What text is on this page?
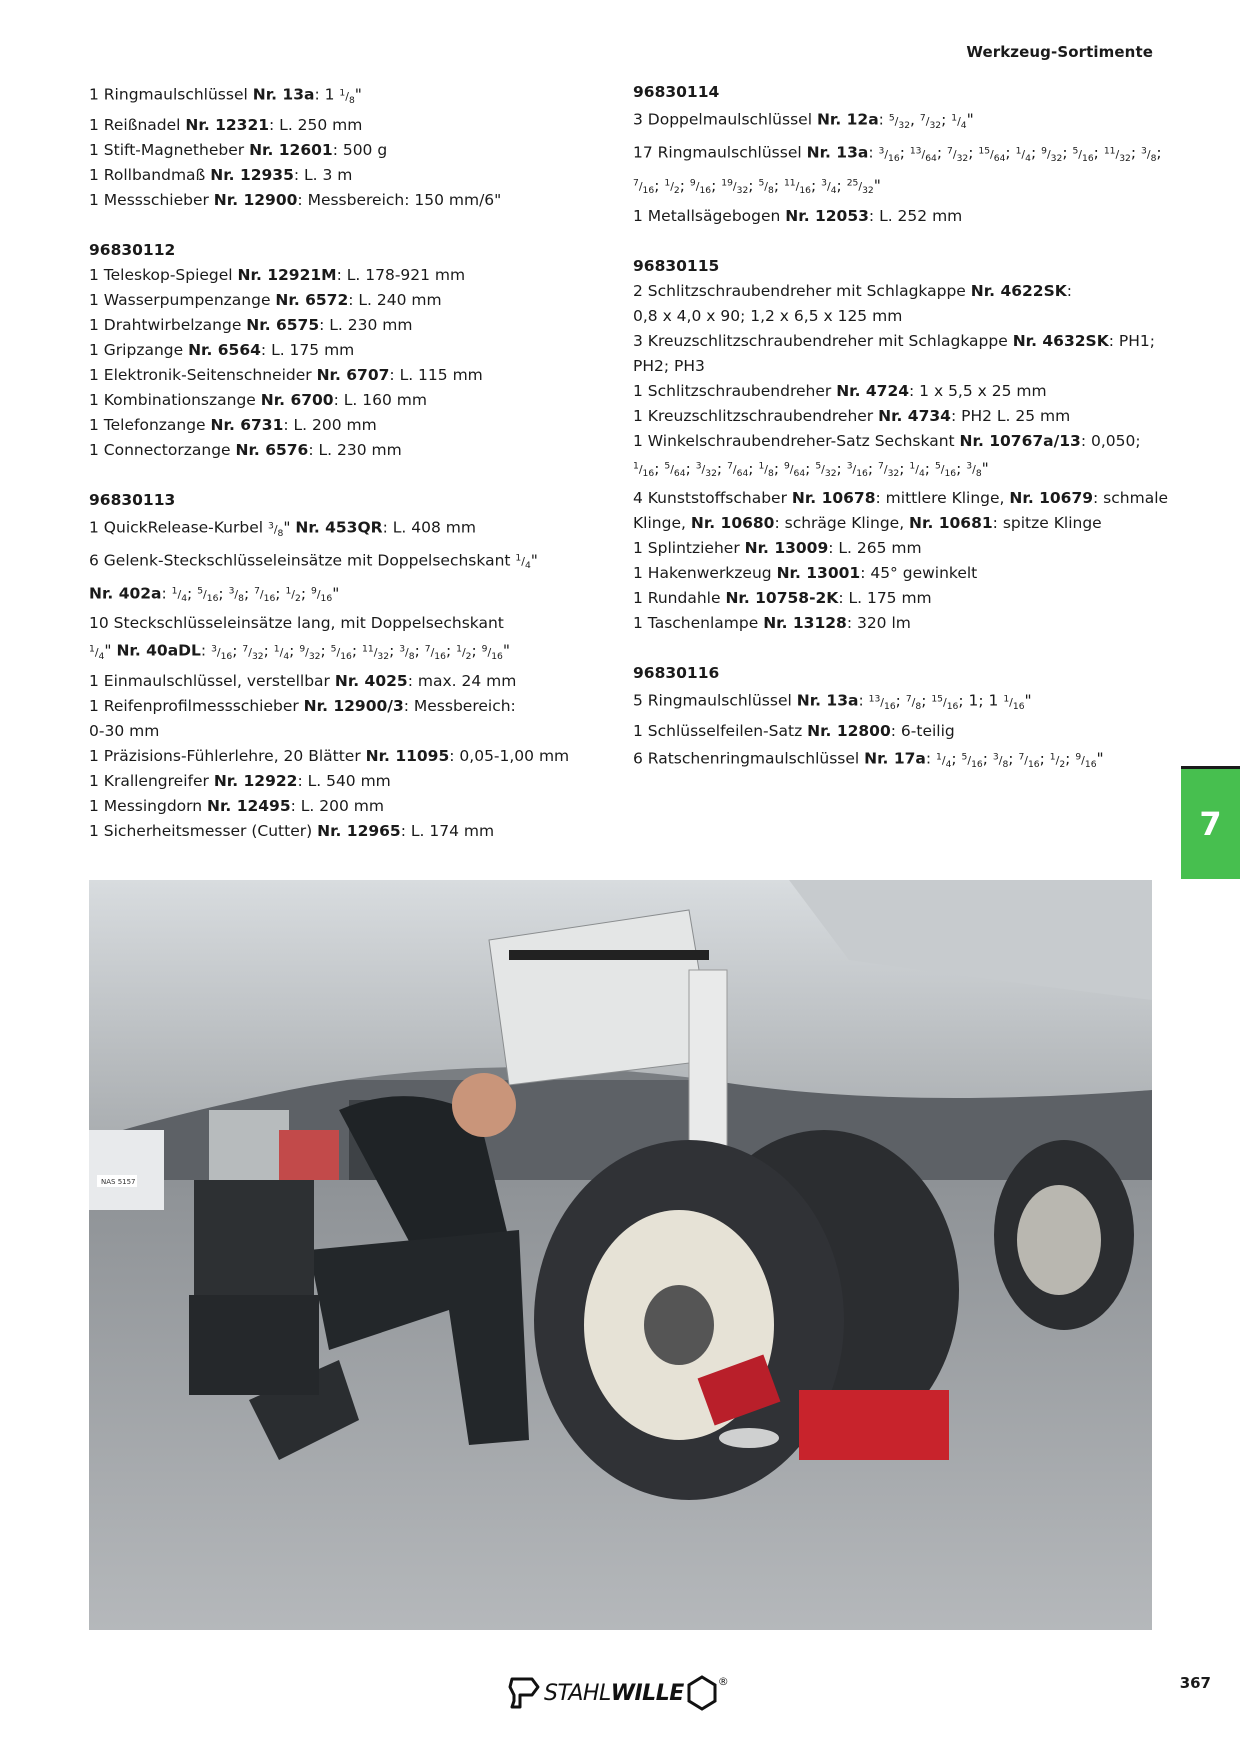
Werkzeug-Sortimente
1 Ringmaulschlüssel Nr. 13a: 1 $^1/_8$"
1 Reißnadel Nr. 12321: L. 250 mm
1 Stift-Magnetheber Nr. 12601: 500 g
1 Rollbandmaß Nr. 12935: L. 3 m
1 Messschieber Nr. 12900: Messbereich: 150 mm/6"
96830112
1 Teleskop-Spiegel Nr. 12921M: L. 178-921 mm
1 Wasserpumpenzange Nr. 6572: L. 240 mm
1 Drahtwirbelzange Nr. 6575: L. 230 mm
1 Gripzange Nr. 6564: L. 175 mm
1 Elektronik-Seitenschneider Nr. 6707: L. 115 mm
1 Kombinationszange Nr. 6700: L. 160 mm
1 Telefonzange Nr. 6731: L. 200 mm
1 Connectorzange Nr. 6576: L. 230 mm
96830113
1 QuickRelease-Kurbel $^3/_8$" Nr. 453QR: L. 408 mm
6 Gelenk-Steckschlüsseleinsätze mit Doppelsechskant $^1/_4$"
Nr. 402a: $^1/_4$; $^5/_{16}$; $^3/_8$; $^7/_{16}$; $^1/_2$; $^9/_{16}$"
10 Steckschlüsseleinsätze lang, mit Doppelsechskant
$^1/_4$" Nr. 40aDL: $^3/_{16}$; $^7/_{32}$; $^1/_4$; $^9/_{32}$; $^5/_{16}$; $^{11}/_{32}$; $^3/_8$; $^7/_{16}$; $^1/_2$; $^9/_{16}$"
1 Einmaulschlüssel, verstellbar Nr. 4025: max. 24 mm
1 Reifenprofilmessschieber Nr. 12900/3: Messbereich:
0-30 mm
1 Präzisions-Fühlerlehre, 20 Blätter Nr. 11095: 0,05-1,00 mm
1 Krallengreifer Nr. 12922: L. 540 mm
1 Messingdorn Nr. 12495: L. 200 mm
1 Sicherheitsmesser (Cutter) Nr. 12965: L. 174 mm
96830114
3 Doppelmaulschlüssel Nr. 12a: $^5/_{32}$, $^7/_{32}$; $^1/_4$"
17 Ringmaulschlüssel Nr. 13a: $^3/_{16}$; $^{13}/_{64}$; $^7/_{32}$; $^{15}/_{64}$; $^1/_4$; $^9/_{32}$; $^5/_{16}$; $^{11}/_{32}$; $^3/_8$;
$^7/_{16}$; $^1/_2$; $^9/_{16}$; $^{19}/_{32}$; $^5/_8$; $^{11}/_{16}$; $^3/_4$; $^{25}/_{32}$"
1 Metallsägebogen Nr. 12053: L. 252 mm
96830115
2 Schlitzschraubendreher mit Schlagkappe Nr. 4622SK:
0,8 x 4,0 x 90; 1,2 x 6,5 x 125 mm
3 Kreuzschlitzschraubendreher mit Schlagkappe Nr. 4632SK: PH1;
PH2; PH3
1 Schlitzschraubendreher Nr. 4724: 1 x 5,5 x 25 mm
1 Kreuzschlitzschraubendreher Nr. 4734: PH2 L. 25 mm
1 Winkelschraubendreher-Satz Sechskant Nr. 10767a/13: 0,050;
$^1/_{16}$; $^5/_{64}$; $^3/_{32}$; $^7/_{64}$; $^1/_8$; $^9/_{64}$; $^5/_{32}$; $^3/_{16}$; $^7/_{32}$; $^1/_4$; $^5/_{16}$; $^3/_8$"
4 Kunststoffschaber Nr. 10678: mittlere Klinge, Nr. 10679: schmale
Klinge, Nr. 10680: schräge Klinge, Nr. 10681: spitze Klinge
1 Splintzieher Nr. 13009: L. 265 mm
1 Hakenwerkzeug Nr. 13001: 45° gewinkelt
1 Rundahle Nr. 10758-2K: L. 175 mm
1 Taschenlampe Nr. 13128: 320 lm
96830116
5 Ringmaulschlüssel Nr. 13a: $^{13}/_{16}$; $^7/_8$; $^{15}/_{16}$; 1; 1 $^1/_{16}$"
1 Schlüsselfeilen-Satz Nr. 12800: 6-teilig
6 Ratschenringmaulschlüssel Nr. 17a: $^1/_4$; $^5/_{16}$; $^3/_8$; $^7/_{16}$; $^1/_2$; $^9/_{16}$"
7
NAS 5157
STAHLWILLE	®	367
